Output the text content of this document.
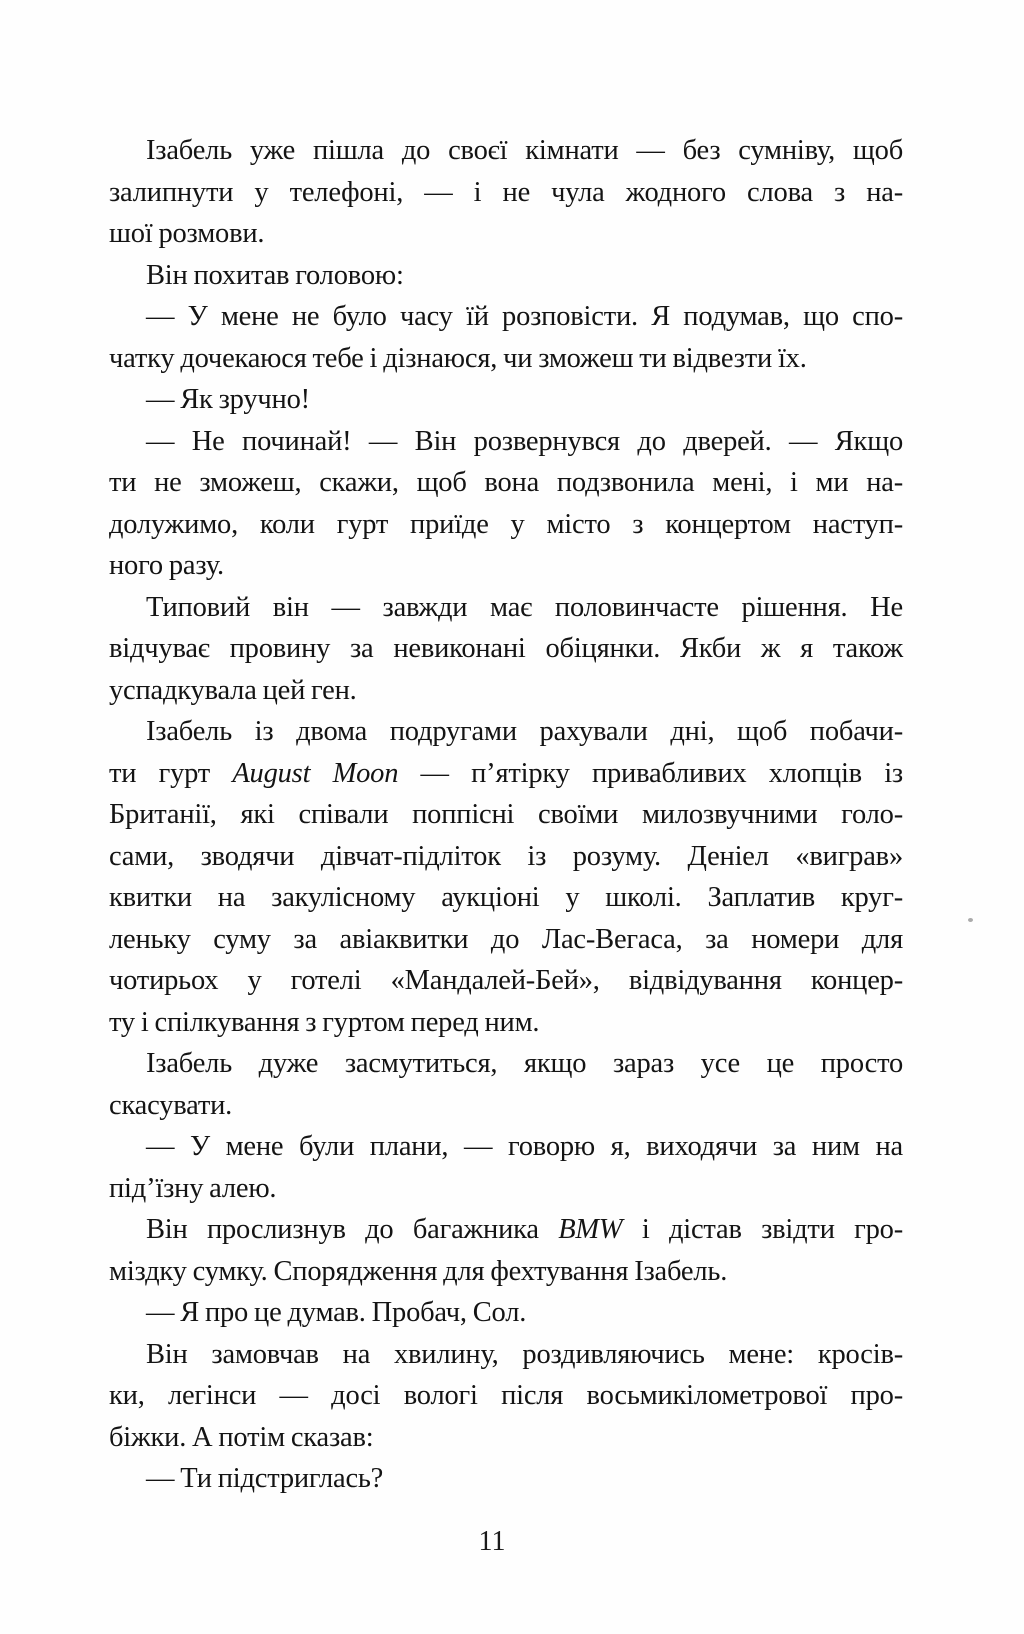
Ізабель уже пішла до своєї кімнати — без сумніву, щоб
залипнути у телефоні, — і не чула жодного слова з на-
шої розмови.
Він похитав головою:
— У мене не було часу їй розповісти. Я подумав, що спо-
чатку дочекаюся тебе і дізнаюся, чи зможеш ти відвезти їх.
— Як зручно!
— Не починай! — Він розвернувся до дверей. — Якщо
ти не зможеш, скажи, щоб вона подзвонила мені, і ми на-
долужимо, коли гурт приїде у місто з концертом наступ-
ного разу.
Типовий він — завжди має половинчасте рішення. Не
відчуває провину за невиконані обіцянки. Якби ж я також
успадкувала цей ген.
Ізабель із двома подругами рахували дні, щоб побачи-
ти гурт August Moon — п’ятірку привабливих хлопців із
Британії, які співали поппісні своїми милозвучними голо-
сами, зводячи дівчат-підліток із розуму. Деніел «виграв»
квитки на закулісному аукціоні у школі. Заплатив круг-
леньку суму за авіаквитки до Лас-Вегаса, за номери для
чотирьох у готелі «Мандалей-Бей», відвідування концер-
ту і спілкування з гуртом перед ним.
Ізабель дуже засмутиться, якщо зараз усе це просто
скасувати.
— У мене були плани, — говорю я, виходячи за ним на
під’їзну алею.
Він прослизнув до багажника BMW і дістав звідти гро-
міздку сумку. Спорядження для фехтування Ізабель.
— Я про це думав. Пробач, Сол.
Він замовчав на хвилину, роздивляючись мене: кросів-
ки, легінси — досі вологі після восьмикілометрової про-
біжки. А потім сказав:
— Ти підстриглась?
11
